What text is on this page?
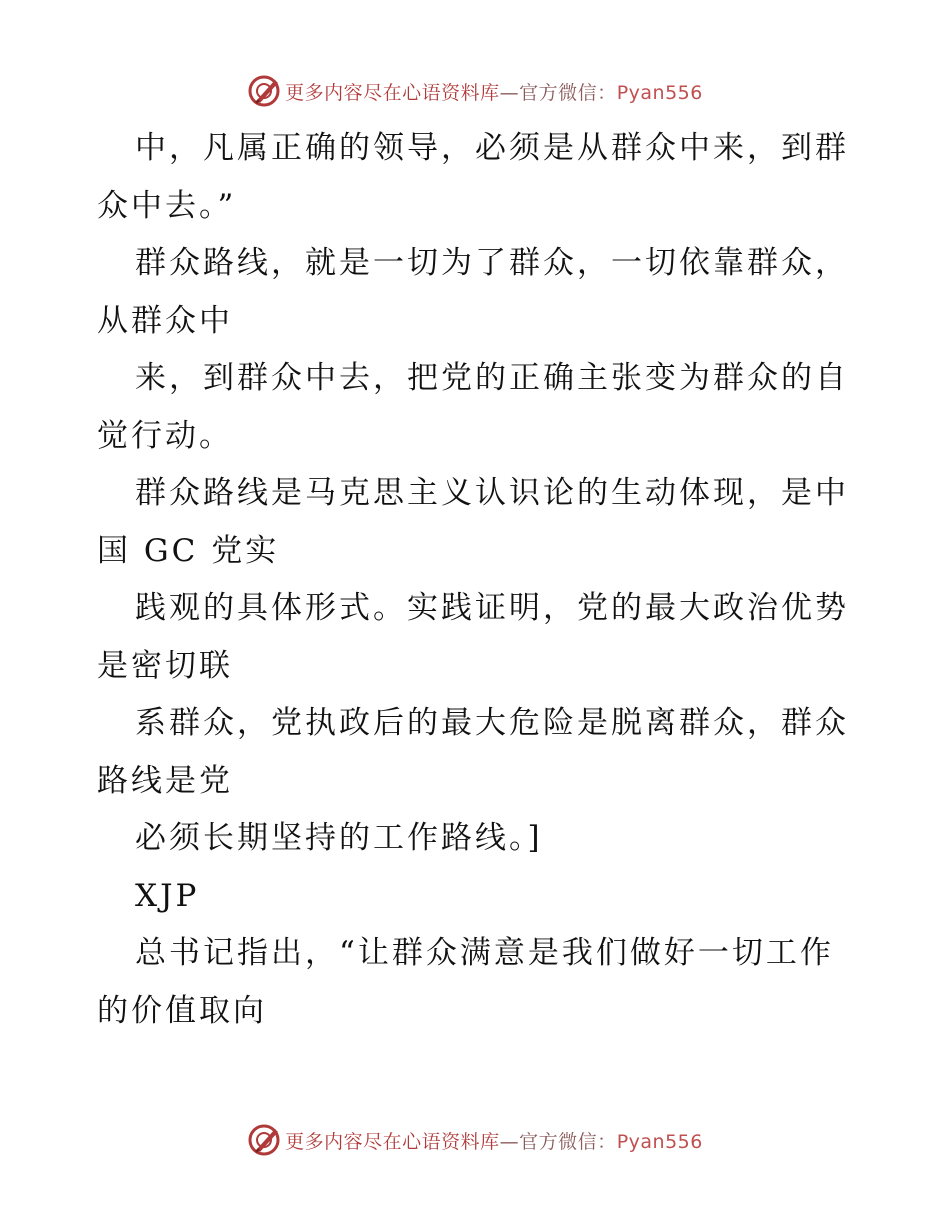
更多内容尽在心语资料库—官方微信：Pyan556
中，凡属正确的领导，必须是从群众中来，到群
众中去。”
群众路线，就是一切为了群众，一切依靠群众，
从群众中
来，到群众中去，把党的正确主张变为群众的自
觉行动。
群众路线是马克思主义认识论的生动体现，是中
国 GC 党实
践观的具体形式。实践证明，党的最大政治优势
是密切联
系群众，党执政后的最大危险是脱离群众，群众
路线是党
必须长期坚持的工作路线。]
XJP
总书记指出，“让群众满意是我们做好一切工作
的价值取向
更多内容尽在心语资料库—官方微信：Pyan556
